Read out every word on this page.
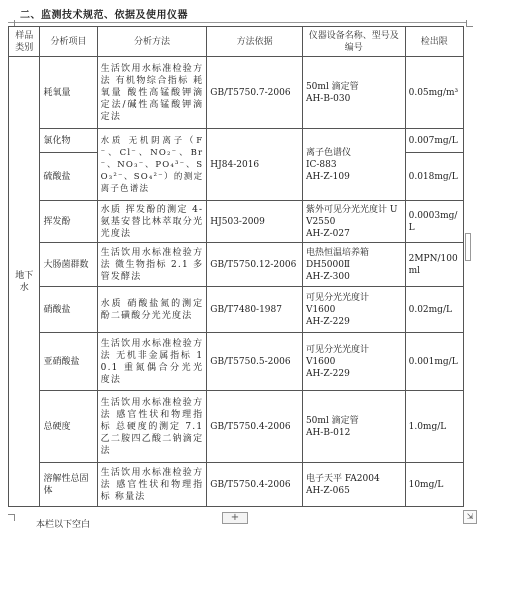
二、监测技术规范、依据及使用仪器
样品类别	分析项目	分析方法	方法依据	仪器设备名称、型号及编号	检出限
地下水	耗氧量	生活饮用水标准检验方法 有机物综合指标 耗氧量 酸性高锰酸钾滴定法/碱性高锰酸钾滴定法	GB/T5750.7-2006	50ml 滴定管
AH-B-030	0.05mg/m³
	氯化物	水质 无机阴离子（F⁻、Cl⁻、NO₂⁻、Br⁻、NO₃⁻、PO₄³⁻、SO₃²⁻、SO₄²⁻）的测定 离子色谱法	HJ84-2016	离子色谱仪
IC-883
AH-Z-109	0.007mg/L
	硫酸盐				0.018mg/L
	挥发酚	水质 挥发酚的测定 4-氨基安替比林萃取分光光度法	HJ503-2009	紫外可见分光光度计 UV2550
AH-Z-027	0.0003mg/L
	大肠菌群数	生活饮用水标准检验方法 微生物指标 2.1 多管发酵法	GB/T5750.12-2006	电热恒温培养箱
DH5000Ⅱ
AH-Z-300	2MPN/100ml
	硝酸盐	水质 硝酸盐氮的测定 酚二磺酸分光光度法	GB/T7480-1987	可见分光光度计
V1600
AH-Z-229	0.02mg/L
	亚硝酸盐	生活饮用水标准检验方法 无机非金属指标 10.1 重氮偶合分光光度法	GB/T5750.5-2006	可见分光光度计
V1600
AH-Z-229	0.001mg/L
	总硬度	生活饮用水标准检验方法 感官性状和物理指标 总硬度的测定 7.1 乙二胺四乙酸二钠滴定法	GB/T5750.4-2006	50ml 滴定管
AH-B-012	1.0mg/L
	溶解性总固体	生活饮用水标准检验方法 感官性状和物理指标 称量法	GB/T5750.4-2006	电子天平 FA2004
AH-Z-065	10mg/L
本栏以下空白
+	⇲
